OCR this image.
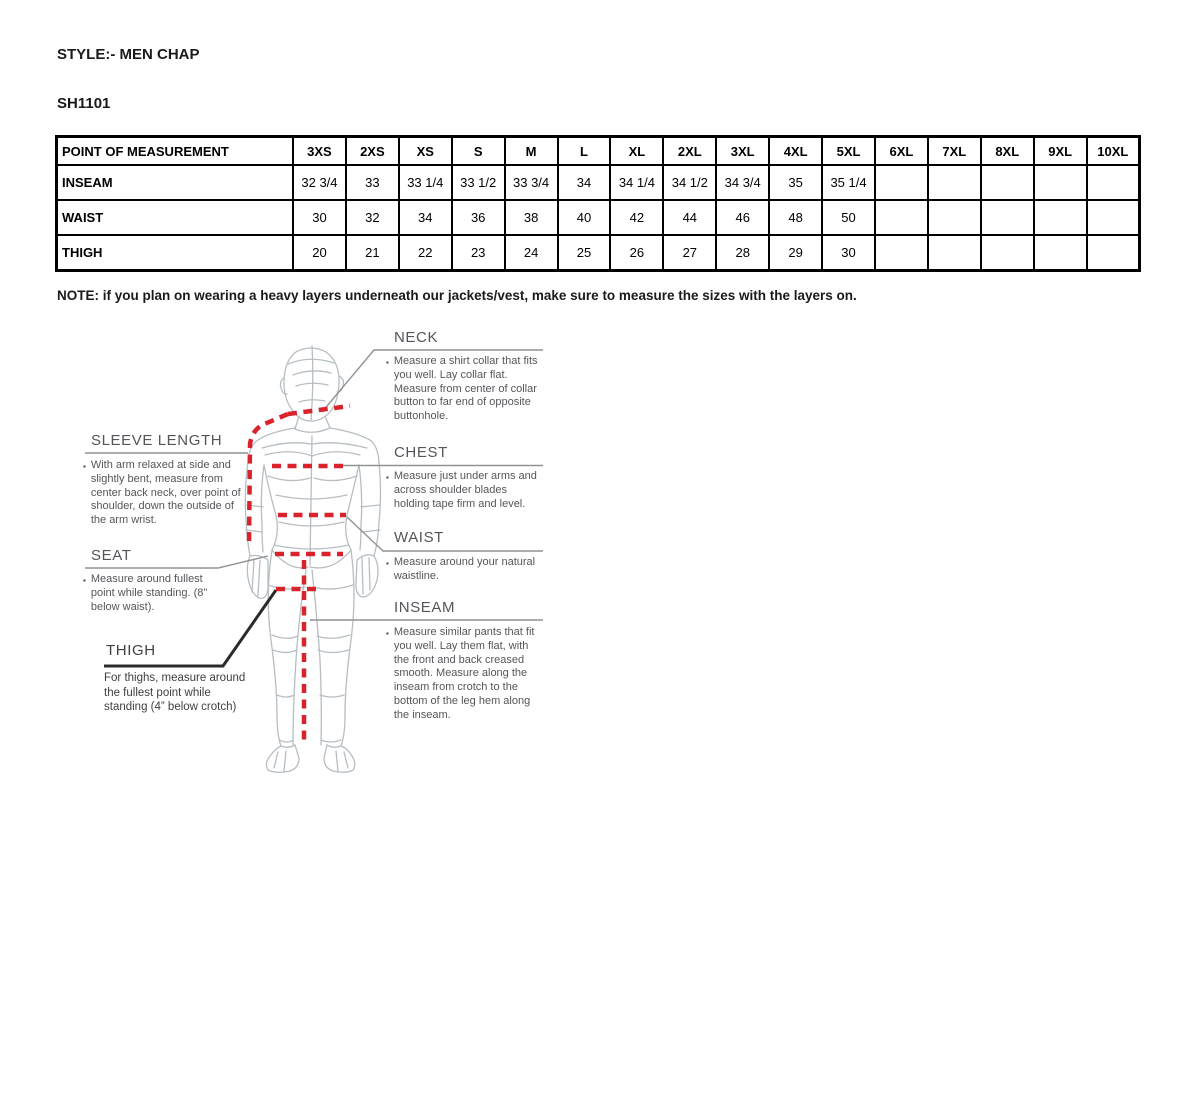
STYLE:- MEN CHAP
SH1101
POINT OF MEASUREMENT	3XS	2XS	XS	S	M	L	XL	2XL	3XL	4XL	5XL	6XL	7XL	8XL	9XL	10XL
INSEAM	32 3/4	33	33 1/4	33 1/2	33 3/4	34	34 1/4	34 1/2	34 3/4	35	35 1/4					
WAIST	30	32	34	36	38	40	42	44	46	48	50					
THIGH	20	21	22	23	24	25	26	27	28	29	30					
NOTE: if you plan on wearing a heavy layers underneath our jackets/vest, make sure to measure the sizes with the layers on.
NECK
▪ Measure a shirt collar that fits you well. Lay collar flat. Measure from center of collar button to far end of opposite buttonhole.
CHEST
▪ Measure just under arms and across shoulder blades holding tape firm and level.
WAIST
▪ Measure around your natural waistline.
INSEAM
▪ Measure similar pants that fit you well. Lay them flat, with the front and back creased smooth. Measure along the inseam from crotch to the bottom of the leg hem along the inseam.
SLEEVE LENGTH
▪ With arm relaxed at side and slightly bent, measure from center back neck, over point of shoulder, down the outside of the arm wrist.
SEAT
▪ Measure around fullest point while standing. (8" below waist).
THIGH
For thighs, measure around the fullest point while standing (4” below crotch)
